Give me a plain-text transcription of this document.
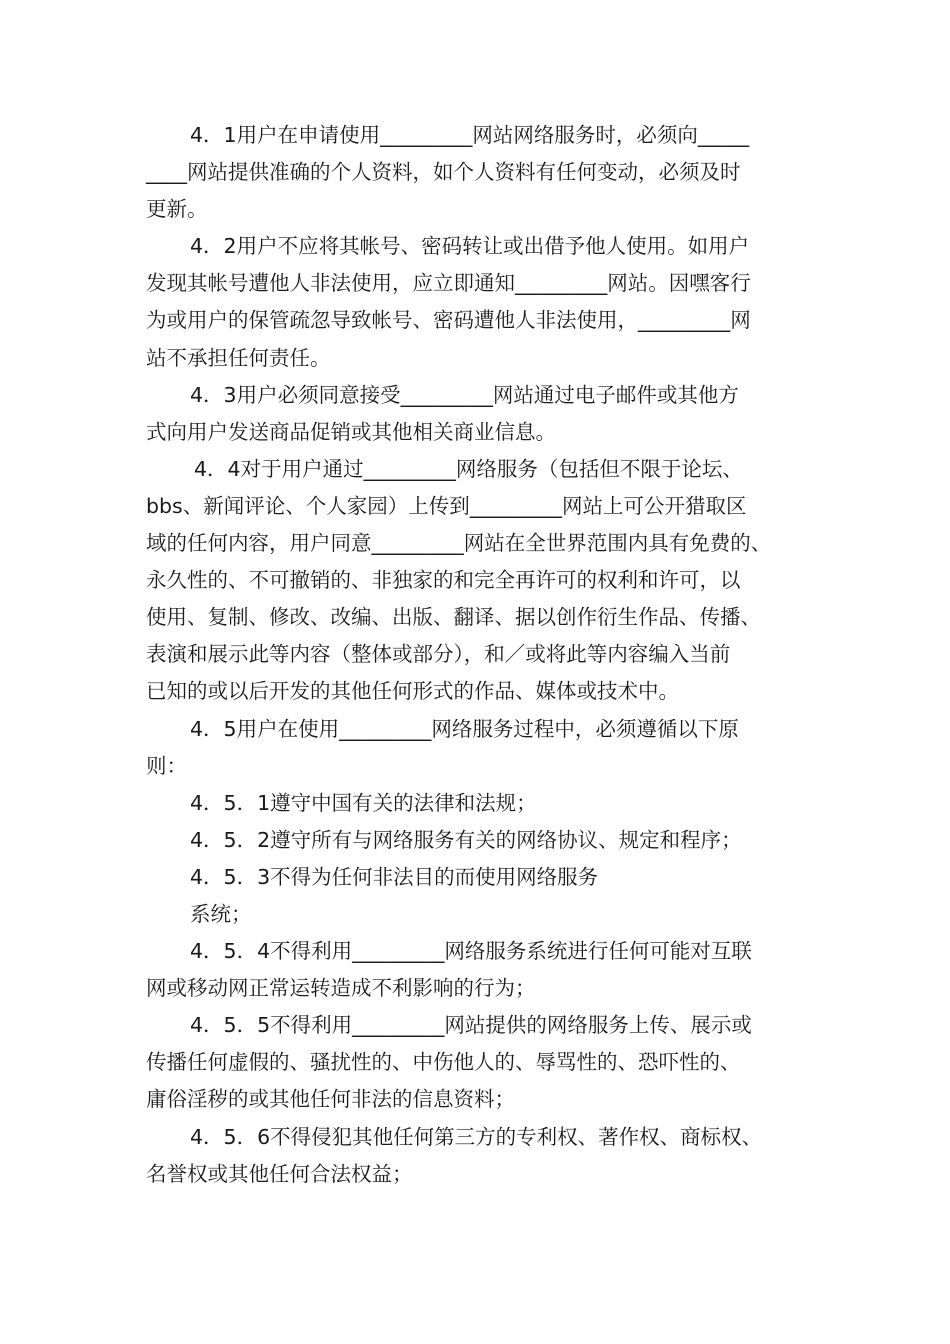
4．1用户在申请使用_________网站网络服务时，必须向_____
____网站提供准确的个人资料，如个人资料有任何变动，必须及时
更新。
4．2用户不应将其帐号、密码转让或出借予他人使用。如用户
发现其帐号遭他人非法使用，应立即通知_________网站。因嘿客行
为或用户的保管疏忽导致帐号、密码遭他人非法使用，_________网
站不承担任何责任。
4．3用户必须同意接受_________网站通过电子邮件或其他方
式向用户发送商品促销或其他相关商业信息。
4．4对于用户通过_________网络服务（包括但不限于论坛、
bbs、新闻评论、个人家园）上传到_________网站上可公开猎取区
域的任何内容，用户同意_________网站在全世界范围内具有免费的、
永久性的、不可撤销的、非独家的和完全再许可的权利和许可，以
使用、复制、修改、改编、出版、翻译、据以创作衍生作品、传播、
表演和展示此等内容（整体或部分），和／或将此等内容编入当前
已知的或以后开发的其他任何形式的作品、媒体或技术中。
4．5用户在使用_________网络服务过程中，必须遵循以下原
则：
4．5．1遵守中国有关的法律和法规；
4．5．2遵守所有与网络服务有关的网络协议、规定和程序；
4．5．3不得为任何非法目的而使用网络服务
系统；
4．5．4不得利用_________网络服务系统进行任何可能对互联
网或移动网正常运转造成不利影响的行为；
4．5．5不得利用_________网站提供的网络服务上传、展示或
传播任何虚假的、骚扰性的、中伤他人的、辱骂性的、恐吓性的、
庸俗淫秽的或其他任何非法的信息资料；
4．5．6不得侵犯其他任何第三方的专利权、著作权、商标权、
名誉权或其他任何合法权益；
